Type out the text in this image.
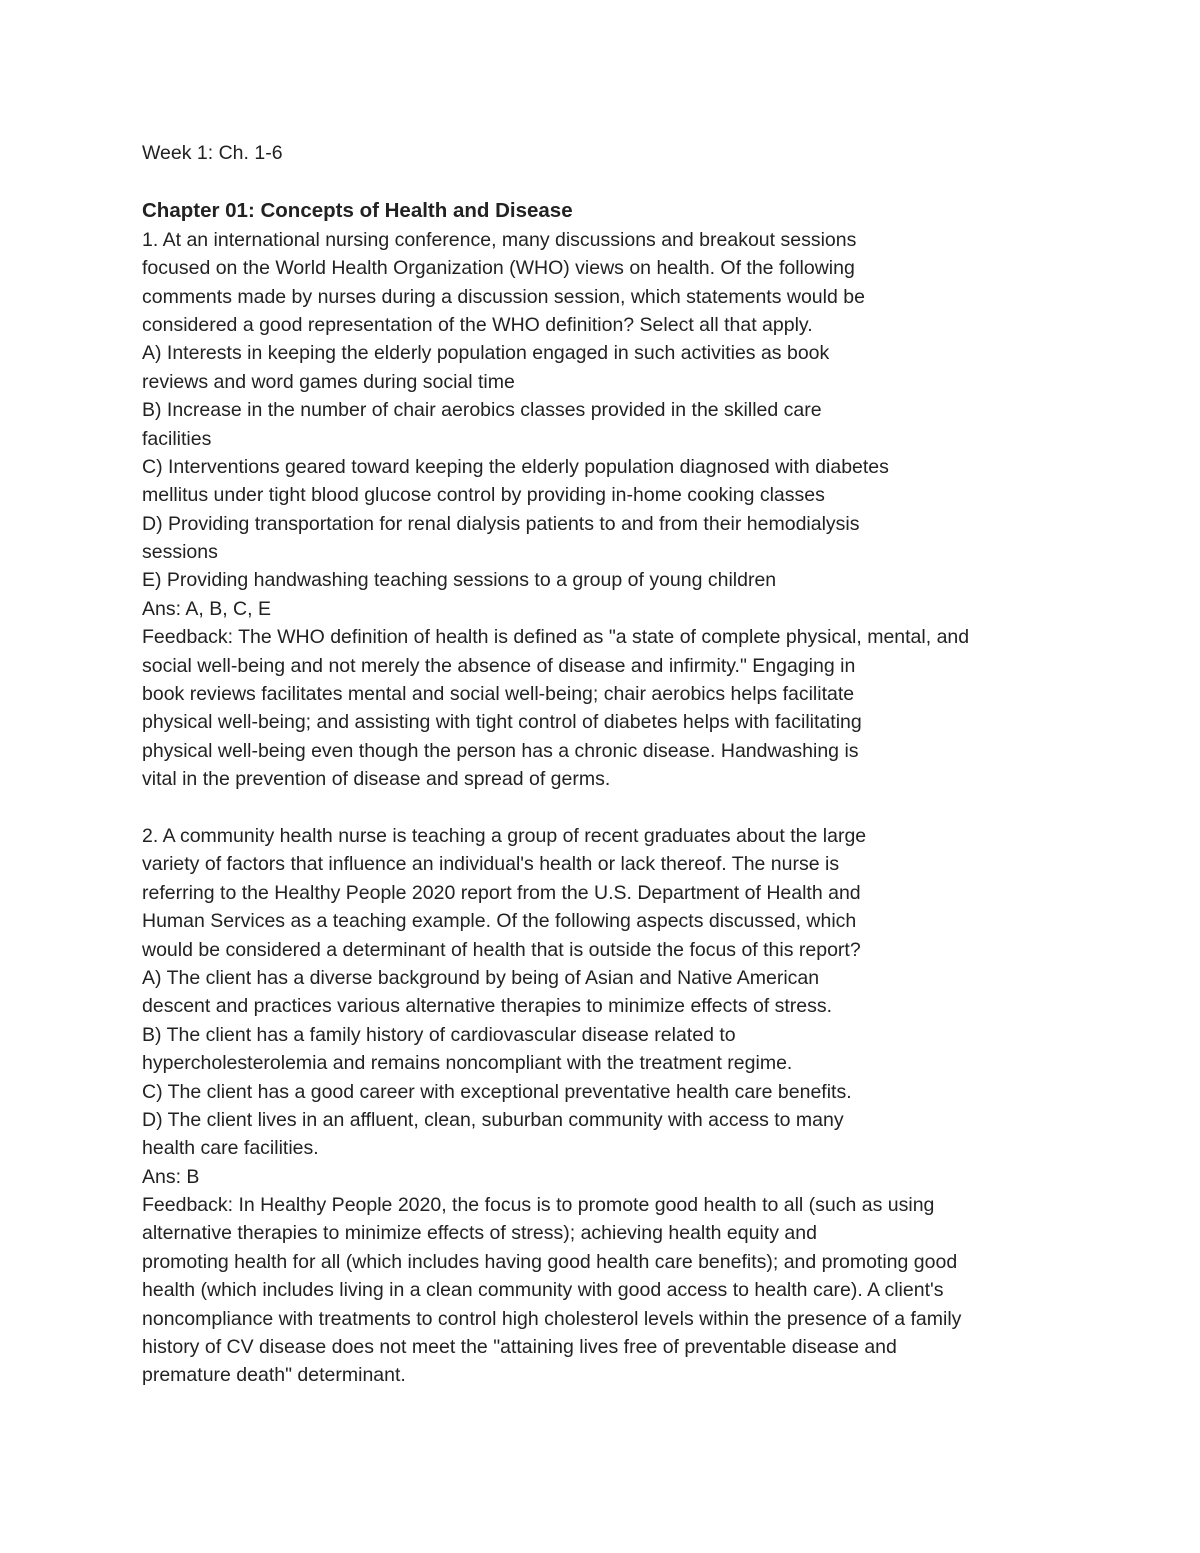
Week 1: Ch. 1-6
Chapter 01: Concepts of Health and Disease
1. At an international nursing conference, many discussions and breakout sessions
focused on the World Health Organization (WHO) views on health. Of the following
comments made by nurses during a discussion session, which statements would be
considered a good representation of the WHO definition? Select all that apply.
A) Interests in keeping the elderly population engaged in such activities as book
reviews and word games during social time
B) Increase in the number of chair aerobics classes provided in the skilled care
facilities
C) Interventions geared toward keeping the elderly population diagnosed with diabetes
mellitus under tight blood glucose control by providing in-home cooking classes
D) Providing transportation for renal dialysis patients to and from their hemodialysis
sessions
E) Providing handwashing teaching sessions to a group of young children
Ans: A, B, C, E
Feedback: The WHO definition of health is defined as "a state of complete physical, mental, and
social well-being and not merely the absence of disease and infirmity." Engaging in
book reviews facilitates mental and social well-being; chair aerobics helps facilitate
physical well-being; and assisting with tight control of diabetes helps with facilitating
physical well-being even though the person has a chronic disease. Handwashing is
vital in the prevention of disease and spread of germs.
2. A community health nurse is teaching a group of recent graduates about the large
variety of factors that influence an individual's health or lack thereof. The nurse is
referring to the Healthy People 2020 report from the U.S. Department of Health and
Human Services as a teaching example. Of the following aspects discussed, which
would be considered a determinant of health that is outside the focus of this report?
A) The client has a diverse background by being of Asian and Native American
descent and practices various alternative therapies to minimize effects of stress.
B) The client has a family history of cardiovascular disease related to
hypercholesterolemia and remains noncompliant with the treatment regime.
C) The client has a good career with exceptional preventative health care benefits.
D) The client lives in an affluent, clean, suburban community with access to many
health care facilities.
Ans: B
Feedback: In Healthy People 2020, the focus is to promote good health to all (such as using
alternative therapies to minimize effects of stress); achieving health equity and
promoting health for all (which includes having good health care benefits); and promoting good
health (which includes living in a clean community with good access to health care). A client's
noncompliance with treatments to control high cholesterol levels within the presence of a family
history of CV disease does not meet the "attaining lives free of preventable disease and
premature death" determinant.
